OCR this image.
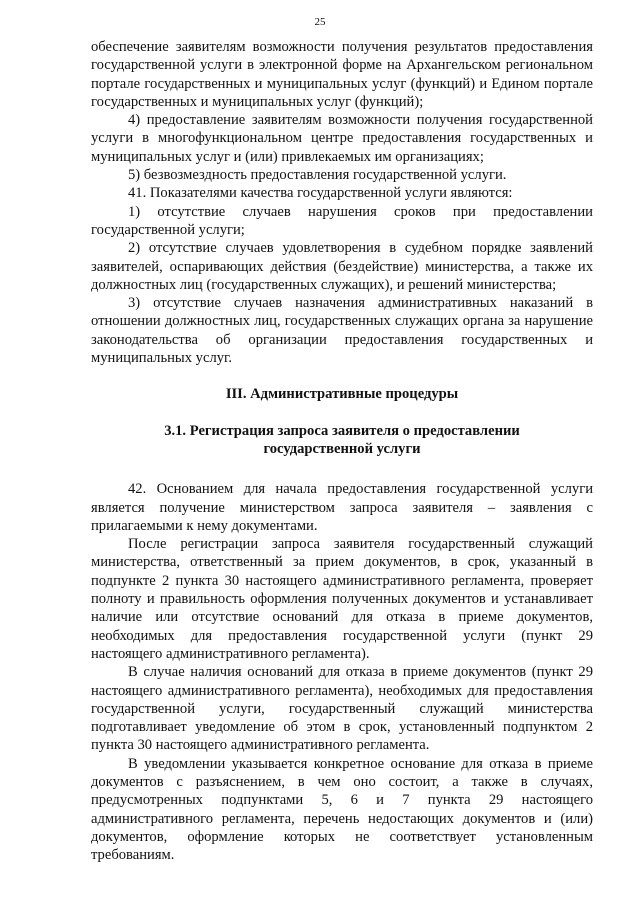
25

обеспечение заявителям возможности получения результатов предоставления государственной услуги в электронной форме на Архангельском региональном портале государственных и муниципальных услуг (функций) и Едином портале государственных и муниципальных услуг (функций);

4) предоставление заявителям возможности получения государственной услуги в многофункциональном центре предоставления государственных и муниципальных услуг и (или) привлекаемых им организациях;

5) безвозмездность предоставления государственной услуги.

41. Показателями качества государственной услуги являются:

1) отсутствие случаев нарушения сроков при предоставлении государственной услуги;

2) отсутствие случаев удовлетворения в судебном порядке заявлений заявителей, оспаривающих действия (бездействие) министерства, а также их должностных лиц (государственных служащих), и решений министерства;

3) отсутствие случаев назначения административных наказаний в отношении должностных лиц, государственных служащих органа за нарушение законодательства об организации предоставления государственных и муниципальных услуг.

III. Административные процедуры

3.1. Регистрация запроса заявителя о предоставлении государственной услуги

42. Основанием для начала предоставления государственной услуги является получение министерством запроса заявителя – заявления с прилагаемыми к нему документами.

После регистрации запроса заявителя государственный служащий министерства, ответственный за прием документов, в срок, указанный в подпункте 2 пункта 30 настоящего административного регламента, проверяет полноту и правильность оформления полученных документов и устанавливает наличие или отсутствие оснований для отказа в приеме документов, необходимых для предоставления государственной услуги (пункт 29 настоящего административного регламента).

В случае наличия оснований для отказа в приеме документов (пункт 29 настоящего административного регламента), необходимых для предоставления государственной услуги, государственный служащий министерства подготавливает уведомление об этом в срок, установленный подпунктом 2 пункта 30 настоящего административного регламента.

В уведомлении указывается конкретное основание для отказа в приеме документов с разъяснением, в чем оно состоит, а также в случаях, предусмотренных подпунктами 5, 6 и 7 пункта 29 настоящего административного регламента, перечень недостающих документов и (или) документов, оформление которых не соответствует установленным требованиям.
